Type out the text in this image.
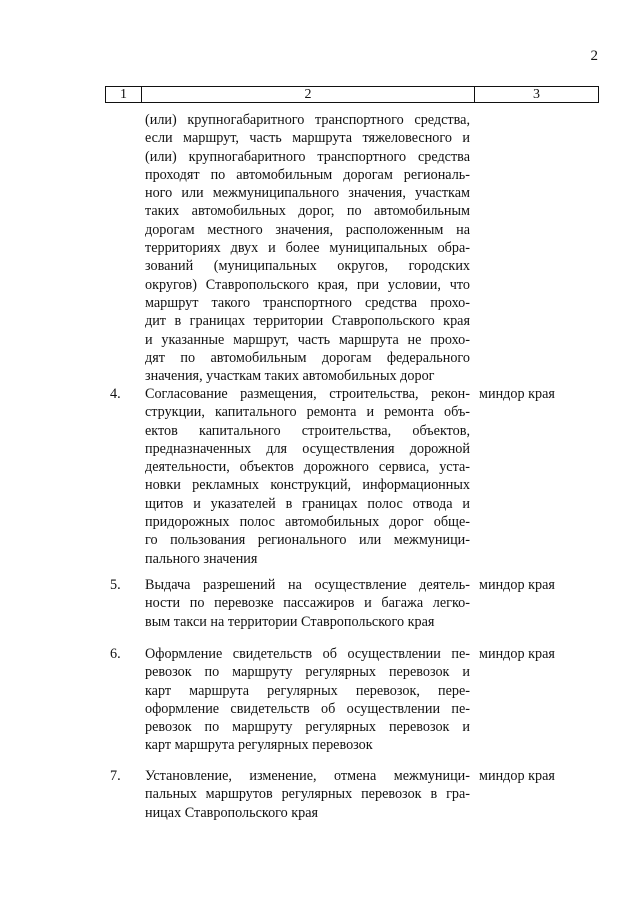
2
1	2	3
(или) крупногабаритного транспортного средства,
если маршрут, часть маршрута тяжеловесного и
(или) крупногабаритного транспортного средства
проходят по автомобильным дорогам региональ-
ного или межмуниципального значения, участкам
таких автомобильных дорог, по автомобильным
дорогам местного значения, расположенным на
территориях двух и более муниципальных обра-
зований (муниципальных округов, городских
округов) Ставропольского края, при условии, что
маршрут такого транспортного средства прохо-
дит в границах территории Ставропольского края
и указанные маршрут, часть маршрута не прохо-
дят по автомобильным дорогам федерального
значения, участкам таких автомобильных дорог
4. Согласование размещения, строительства, рекон-
струкции, капитального ремонта и ремонта объ-
ектов капитального строительства, объектов,
предназначенных для осуществления дорожной
деятельности, объектов дорожного сервиса, уста-
новки рекламных конструкций, информационных
щитов и указателей в границах полос отвода и
придорожных полос автомобильных дорог обще-
го пользования регионального или межмуници-
пального значения
миндор края
5. Выдача разрешений на осуществление деятель-
ности по перевозке пассажиров и багажа легко-
вым такси на территории Ставропольского края
миндор края
6. Оформление свидетельств об осуществлении пе-
ревозок по маршруту регулярных перевозок и
карт маршрута регулярных перевозок, пере-
оформление свидетельств об осуществлении пе-
ревозок по маршруту регулярных перевозок и
карт маршрута регулярных перевозок
миндор края
7. Установление, изменение, отмена межмуници-
пальных маршрутов регулярных перевозок в гра-
ницах Ставропольского края
миндор края
